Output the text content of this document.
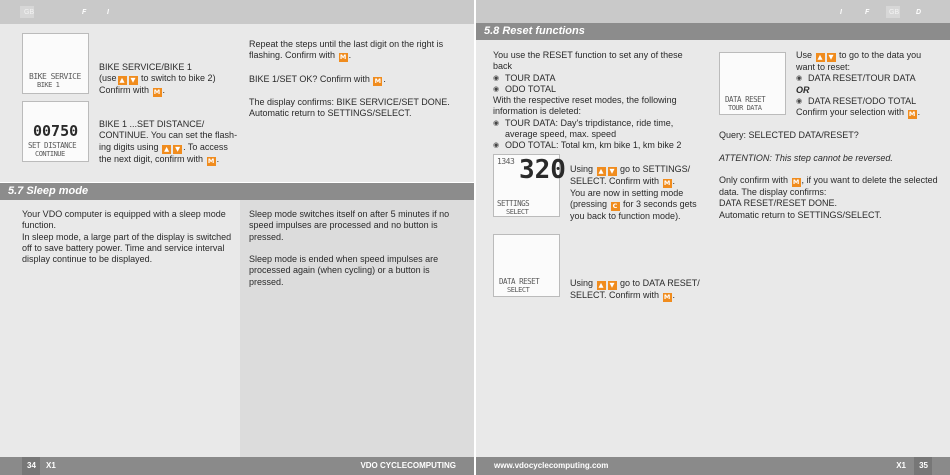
GB	F	I
BIKE SERVICE
BIKE 1
BIKE SERVICE/BIKE 1
(use ▲ ▼ to switch to bike 2)
Confirm with M .
00750
SET DISTANCE
CONTINUE
BIKE 1 ...SET DISTANCE/
CONTINUE. You can set the flash-
ing digits using ▲ ▼ . To access
the next digit, confirm with M .

Repeat the steps until the last digit on the right is flashing. Confirm with M .

BIKE 1/SET OK? Confirm with M .

The display confirms: BIKE SERVICE/SET DONE. Automatic return to SETTINGS/SELECT.

5.7 Sleep mode
Your VDO computer is equipped with a sleep mode function.
In sleep mode, a large part of the display is switched off to save battery power. Time and service interval display continue to be displayed.

Sleep mode switches itself on after 5 minutes if no speed impulses are processed and no button is pressed.

Sleep mode is ended when speed impulses are processed again (when cycling) or a button is pressed.

34 X1	VDO CYCLECOMPUTING
I	F	GB D
5.8 Reset functions
You use the RESET function to set any of these back
◉ TOUR DATA
◉ ODO TOTAL
With the respective reset modes, the following information is deleted:
◉ TOUR DATA: Day's tripdistance, ride time, average speed, max. speed
◉ ODO TOTAL: Total km, km bike 1, km bike 2
1343 320
SETTINGS
SELECT
Using ▲ ▼ go to SETTINGS/
SELECT. Confirm with M .
You are now in setting mode
(pressing C for 3 seconds gets
you back to function mode).
DATA RESET
SELECT
Using ▲ ▼ go to DATA RESET/
SELECT. Confirm with M .
DATA RESET
TOUR DATA
Use ▲ ▼ to go to the data you
want to reset:
◉ DATA RESET/TOUR DATA
OR
◉ DATA RESET/ODO TOTAL
Confirm your selection with M .

Query: SELECTED DATA/RESET?

ATTENTION: This step cannot be reversed.

Only confirm with M , if you want to delete the selected data. The display confirms:
DATA RESET/RESET DONE.
Automatic return to SETTINGS/SELECT.
www.vdocyclecomputing.com	X1 35
